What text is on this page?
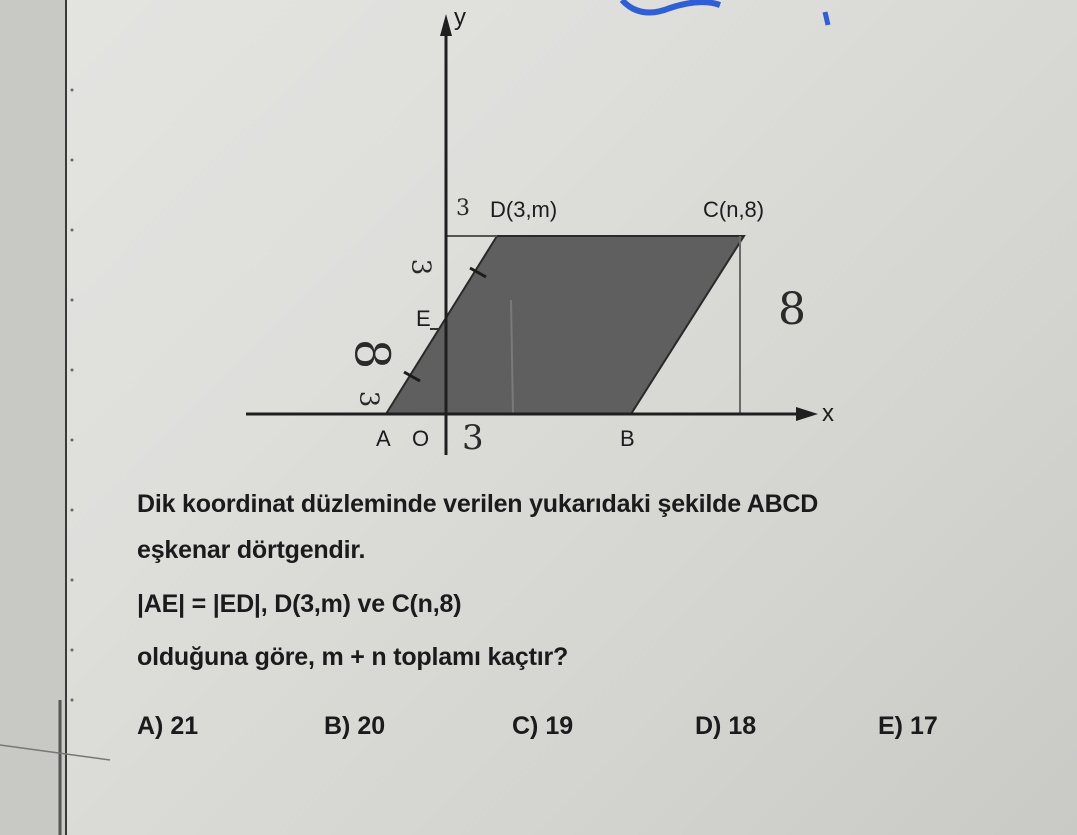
y
x
D(3,m)	C(n,8)
E
A O	B
3
3
8
3
3
8
Dik koordinat düzleminde verilen yukarıdaki şekilde ABCD
eşkenar dörtgendir.
|AE| = |ED|, D(3,m) ve C(n,8)
olduğuna göre, m + n toplamı kaçtır?
A) 21	B) 20	C) 19	D) 18	E) 17
